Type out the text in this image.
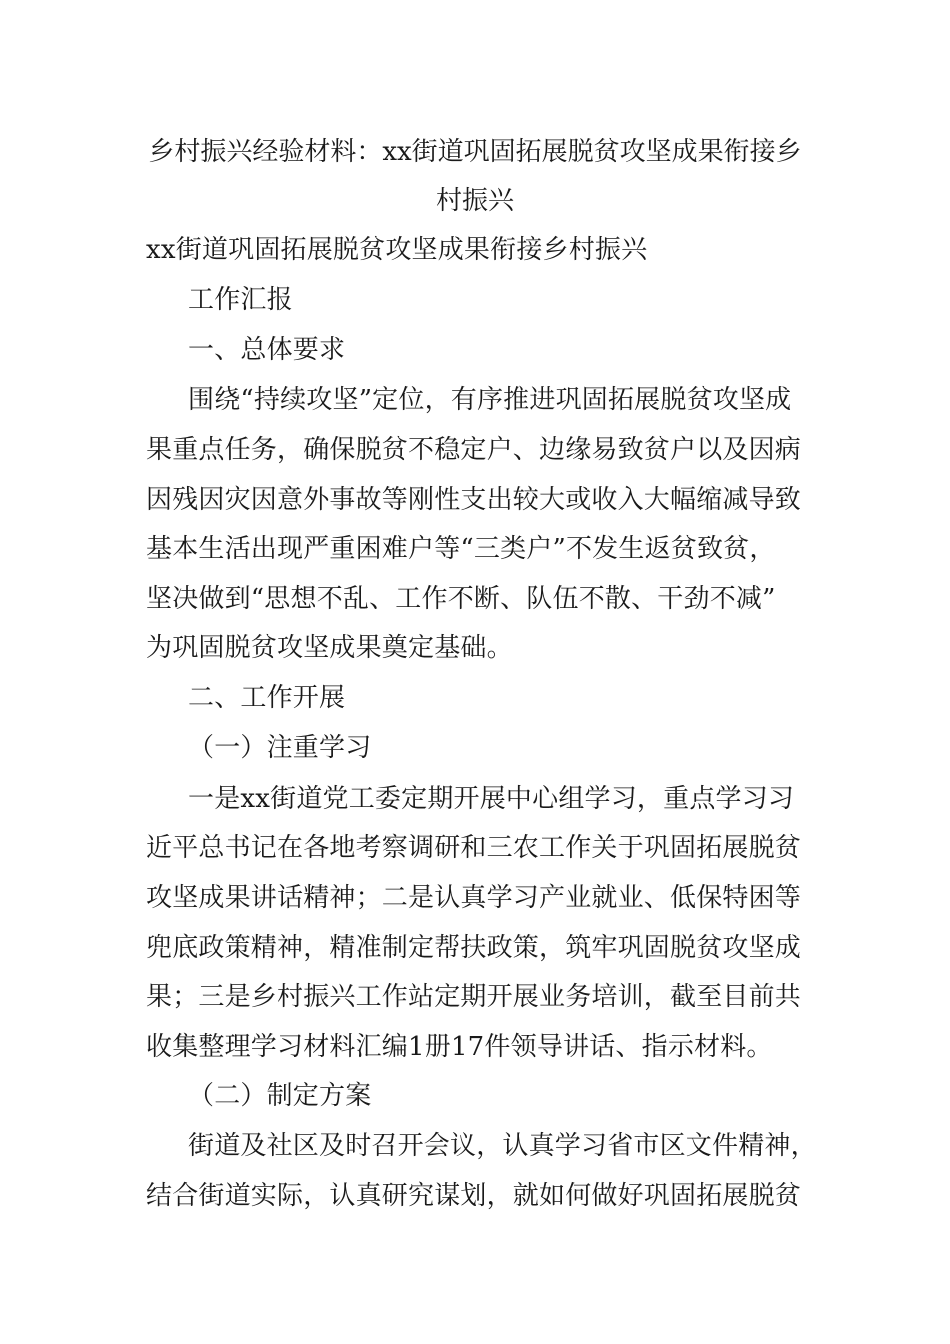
乡村振兴经验材料：xx街道巩固拓展脱贫攻坚成果衔接乡
村振兴
xx街道巩固拓展脱贫攻坚成果衔接乡村振兴
工作汇报
一、总体要求
围绕“持续攻坚”定位，有序推进巩固拓展脱贫攻坚成
果重点任务，确保脱贫不稳定户、边缘易致贫户以及因病
因残因灾因意外事故等刚性支出较大或收入大幅缩减导致
基本生活出现严重困难户等“三类户”不发生返贫致贫，
坚决做到“思想不乱、工作不断、队伍不散、干劲不减”
为巩固脱贫攻坚成果奠定基础。
二、工作开展
（一）注重学习
一是xx街道党工委定期开展中心组学习，重点学习习
近平总书记在各地考察调研和三农工作关于巩固拓展脱贫
攻坚成果讲话精神；二是认真学习产业就业、低保特困等
兜底政策精神，精准制定帮扶政策，筑牢巩固脱贫攻坚成
果；三是乡村振兴工作站定期开展业务培训，截至目前共
收集整理学习材料汇编1册17件领导讲话、指示材料。
（二）制定方案
街道及社区及时召开会议，认真学习省市区文件精神，
结合街道实际，认真研究谋划，就如何做好巩固拓展脱贫
